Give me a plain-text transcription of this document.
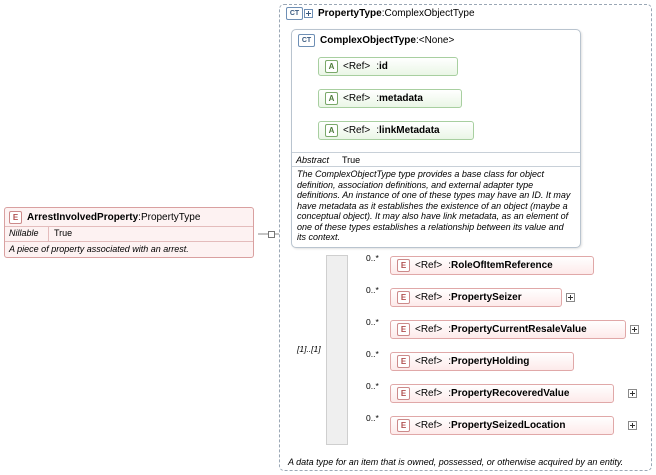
E ArrestInvolvedProperty : PropertyType
Nillable	True
A piece of property associated with an arrest.
CT	PropertyType : ComplexObjectType
A data type for an item that is owned, possessed, or otherwise acquired by an entity.
CT ComplexObjectType : <None>
A <Ref> : id
A <Ref> : metadata
A <Ref> : linkMetadata
Abstract	True
The ComplexObjectType type provides a base class for object definition, association definitions, and external adapter type definitions. An instance of one of these types may have an ID. It may have metadata as it establishes the existence of an object (maybe a conceptual object). It may also have link metadata, as an element of one of these types establishes a relationship between its value and its context.
[1]..[1]
0..*
E <Ref> : RoleOfItemReference
0..*
E <Ref> : PropertySeizer
0..*
E <Ref> : PropertyCurrentResaleValue
0..*
E <Ref> : PropertyHolding
0..*
E <Ref> : PropertyRecoveredValue
0..*
E <Ref> : PropertySeizedLocation
